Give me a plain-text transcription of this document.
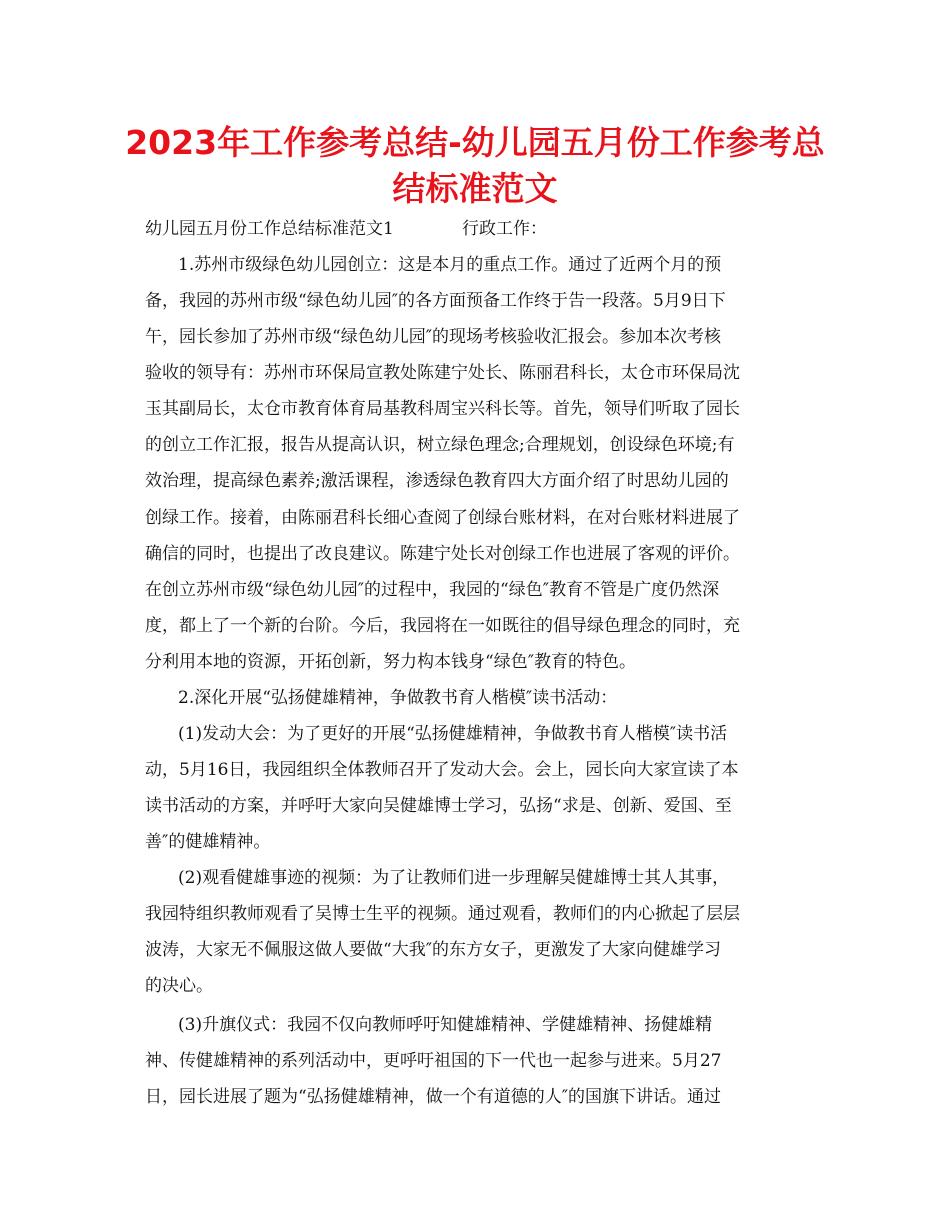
2023年工作参考总结-幼儿园五月份工作参考总结标准范文
幼儿园五月份工作总结标准范文1	行政工作：
1.苏州市级绿色幼儿园创立：这是本月的重点工作。通过了近两个月的预
备，我园的苏州市级“绿色幼儿园″的各方面预备工作终于告一段落。5月9日下
午，园长参加了苏州市级“绿色幼儿园″的现场考核验收汇报会。参加本次考核
验收的领导有：苏州市环保局宣教处陈建宁处长、陈丽君科长，太仓市环保局沈
玉其副局长，太仓市教育体育局基教科周宝兴科长等。首先，领导们听取了园长
的创立工作汇报，报告从提高认识，树立绿色理念;合理规划，创设绿色环境;有
效治理，提高绿色素养;激活课程，渗透绿色教育四大方面介绍了时思幼儿园的
创绿工作。接着，由陈丽君科长细心查阅了创绿台账材料，在对台账材料进展了
确信的同时，也提出了改良建议。陈建宁处长对创绿工作也进展了客观的评价。
在创立苏州市级“绿色幼儿园″的过程中，我园的“绿色″教育不管是广度仍然深
度，都上了一个新的台阶。今后，我园将在一如既往的倡导绿色理念的同时，充
分利用本地的资源，开拓创新，努力构本钱身“绿色″教育的特色。
2.深化开展“弘扬健雄精神，争做教书育人楷模″读书活动：
(1)发动大会：为了更好的开展“弘扬健雄精神，争做教书育人楷模″读书活
动，5月16日，我园组织全体教师召开了发动大会。会上，园长向大家宣读了本
读书活动的方案，并呼吁大家向吴健雄博士学习，弘扬“求是、创新、爱国、至
善″的健雄精神。
(2)观看健雄事迹的视频：为了让教师们进一步理解吴健雄博士其人其事，
我园特组织教师观看了吴博士生平的视频。通过观看，教师们的内心掀起了层层
波涛，大家无不佩服这做人要做“大我″的东方女子，更激发了大家向健雄学习
的决心。
(3)升旗仪式：我园不仅向教师呼吁知健雄精神、学健雄精神、扬健雄精
神、传健雄精神的系列活动中，更呼吁祖国的下一代也一起参与进来。5月27
日，园长进展了题为“弘扬健雄精神，做一个有道德的人″的国旗下讲话。通过
